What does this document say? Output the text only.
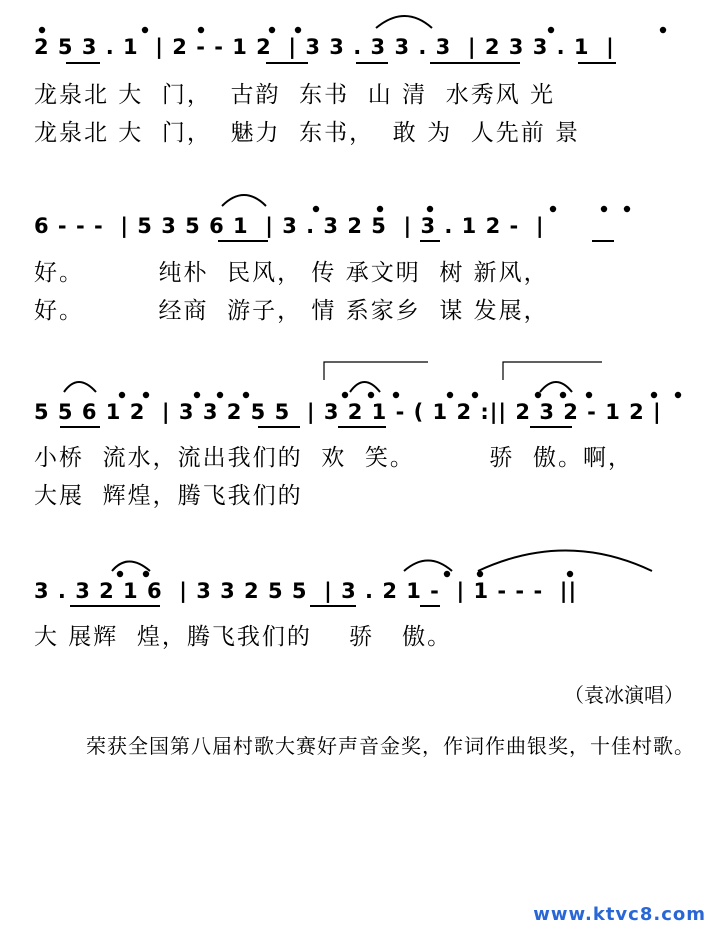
2 5 3 . 1  | 2 - - 1 2  | 3 3 . 3 3 . 3  | 2 3 3 . 1  |
龙泉北 大  门，  古韵  东书  山 清  水秀风 光
龙泉北 大  门，  魅力  东书，  敢 为  人先前 景
6 - - -  | 5 3 5 6 1  | 3 . 3 2 5  | 3 . 1 2 -  |
好。        纯朴  民风， 传 承文明  树 新风，
好。        经商  游子， 情 系家乡  谋 发展，
5 5 6 1 2  | 3 3 2 5 5  | 3 2 1 - ( 1 2 :|| 2 3 2 - 1 2 |
小桥  流水，流出我们的  欢  笑。        骄  傲。啊，
大展  辉煌，腾飞我们的
3 . 3 2 1 6  | 3 3 2 5 5  | 3 . 2 1 -  | 1 - - -  ||
大 展辉  煌，腾飞我们的    骄   傲。
（袁冰演唱）
荣获全国第八届村歌大赛好声音金奖，作词作曲银奖，十佳村歌。
www.ktvc8.com
